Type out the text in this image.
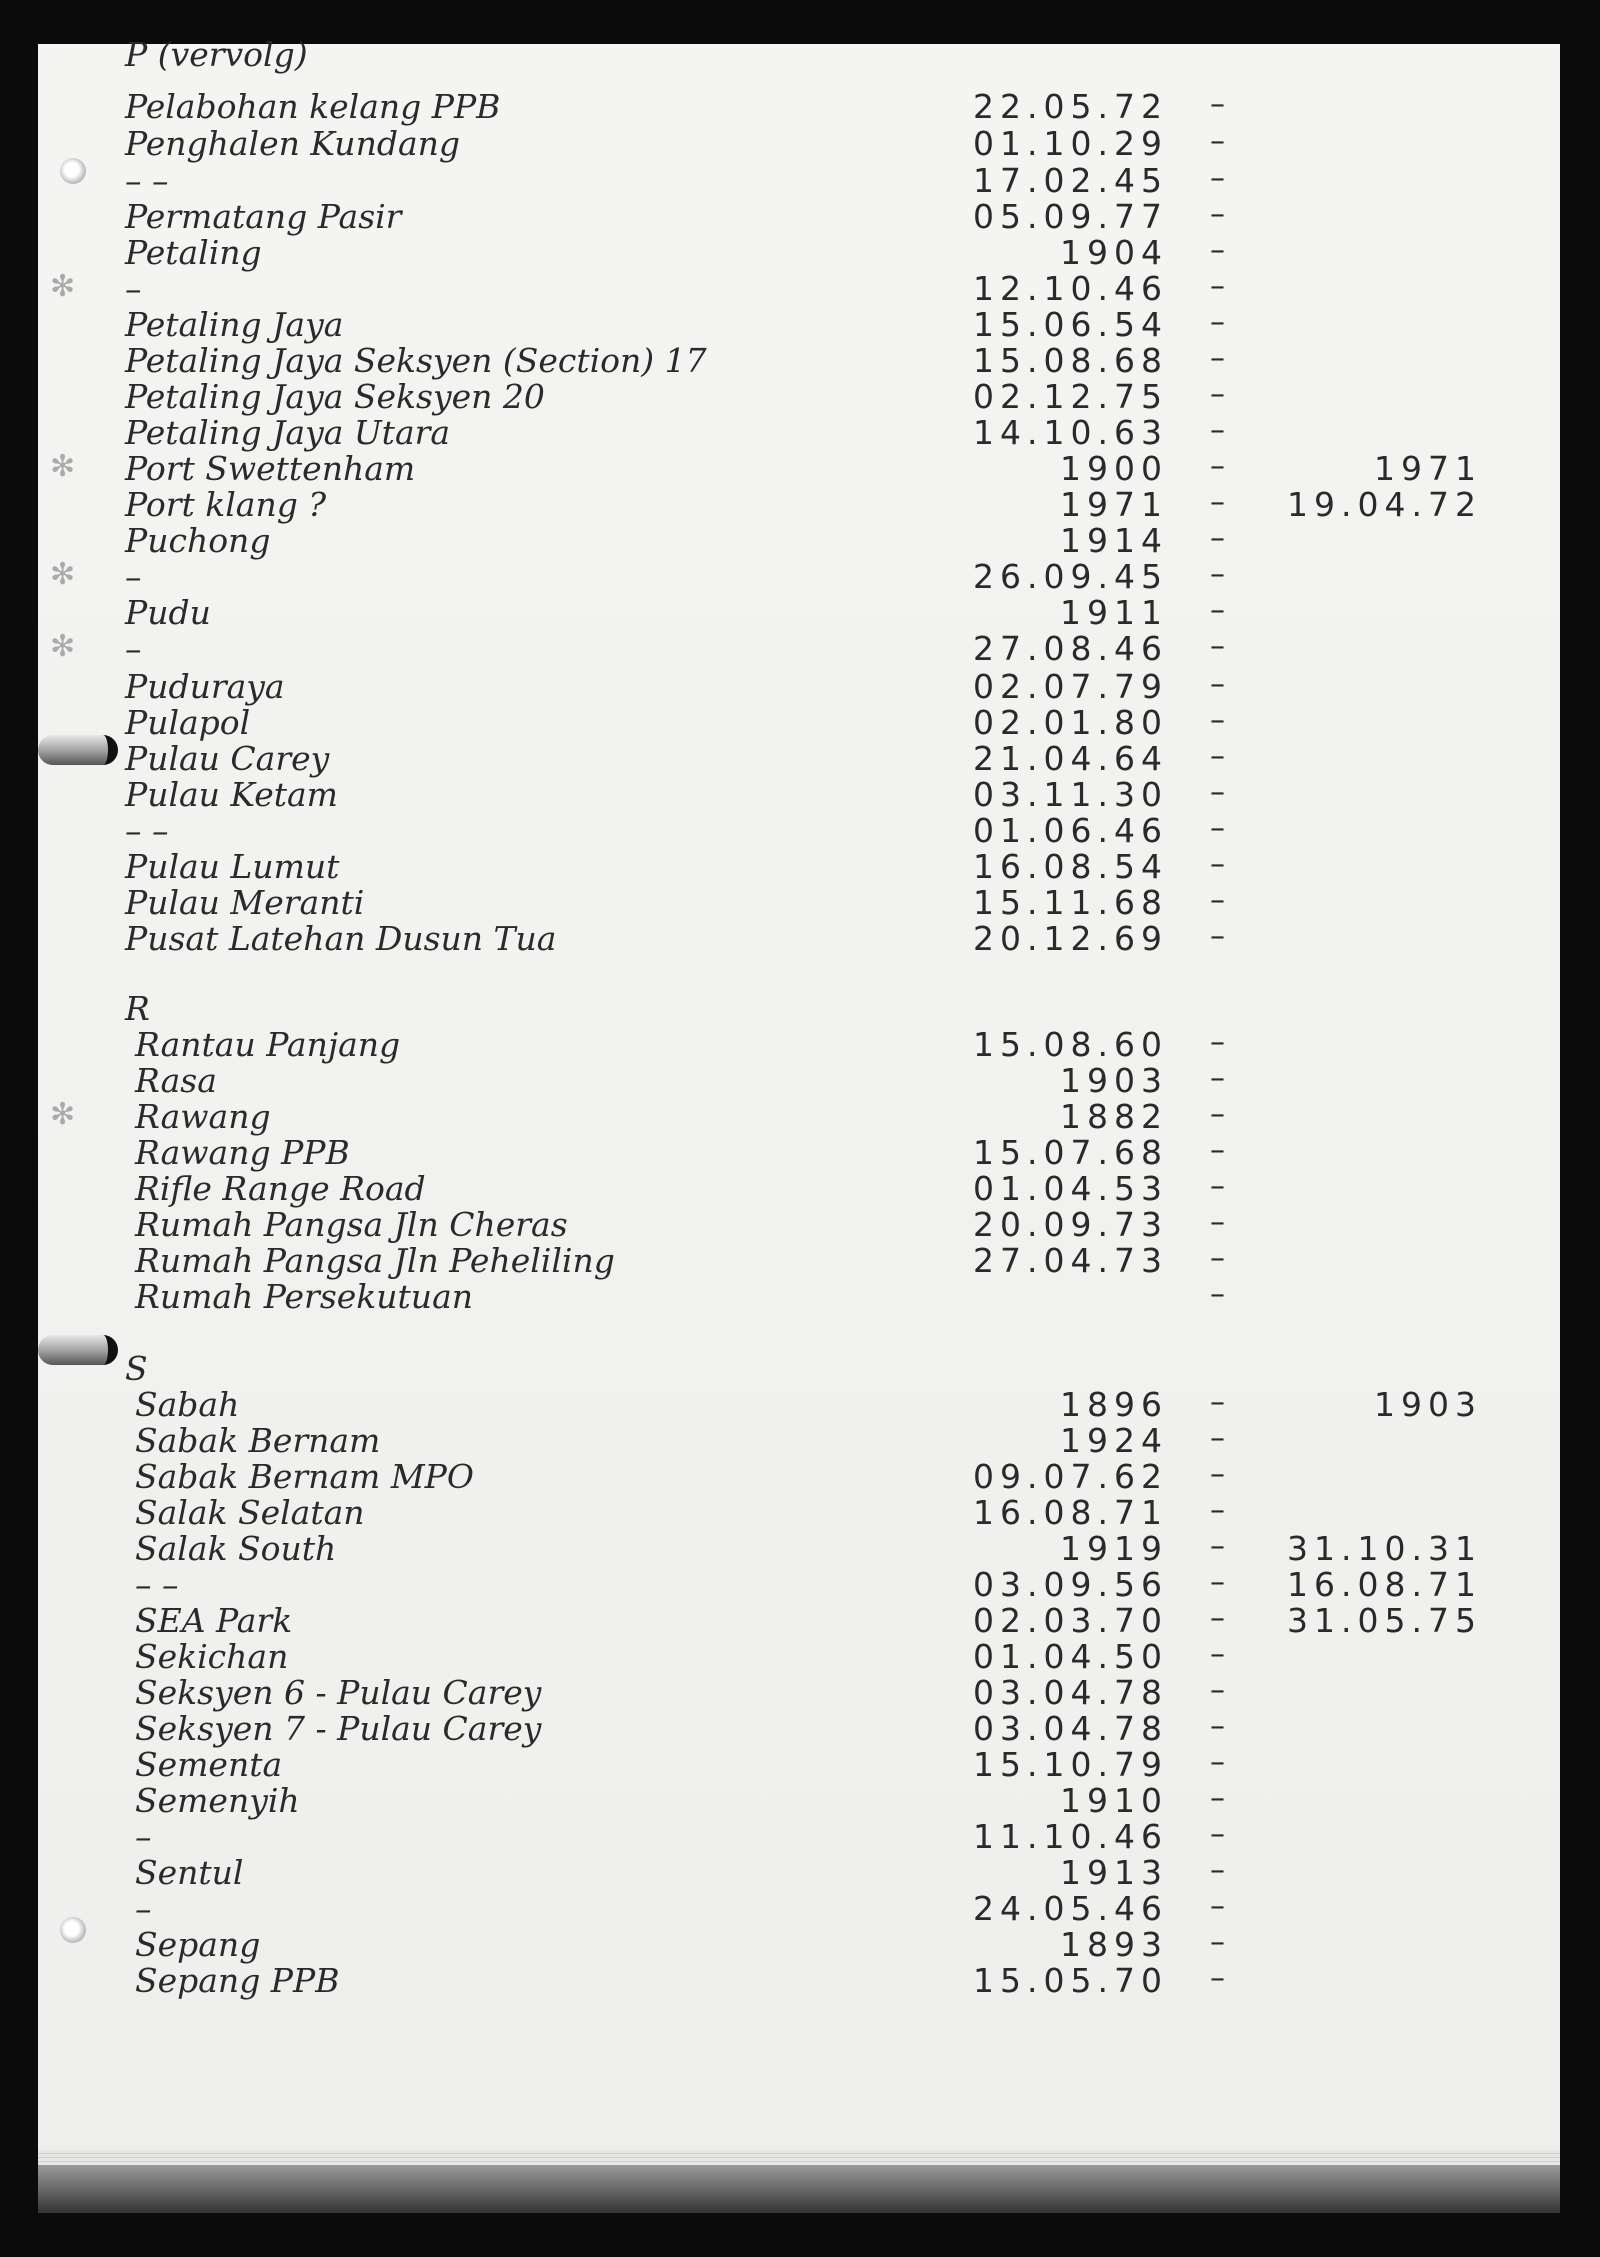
P (vervolg)
Pelabohan kelang PPB	22.05.72 –
Penghalen Kundang	01.10.29 –
– –	17.02.45 –
Permatang Pasir	05.09.77 –
Petaling	1904 –
✻ –	12.10.46 –
Petaling Jaya	15.06.54 –
Petaling Jaya Seksyen (Section) 17	15.08.68 –
Petaling Jaya Seksyen 20	02.12.75 –
Petaling Jaya Utara	14.10.63 –
✻ Port Swettenham	1900 –	1971
Port klang ?	1971 – 19.04.72
Puchong	1914 –
✻ –	26.09.45 –
Pudu	1911 –
✻ –	27.08.46 –
Puduraya	02.07.79 –
Pulapol	02.01.80 –
Pulau Carey	21.04.64 –
Pulau Ketam	03.11.30 –
– –	01.06.46 –
Pulau Lumut	16.08.54 –
Pulau Meranti	15.11.68 –
Pusat Latehan Dusun Tua	20.12.69 –
R
Rantau Panjang	15.08.60 –
Rasa	1903 –
✻ Rawang	1882 –
Rawang PPB	15.07.68 –
Rifle Range Road	01.04.53 –
Rumah Pangsa Jln Cheras	20.09.73 –
Rumah Pangsa Jln Peheliling	27.04.73 –
Rumah Persekutuan	–
S
Sabah	1896 –	1903
Sabak Bernam	1924 –
Sabak Bernam MPO	09.07.62 –
Salak Selatan	16.08.71 –
Salak South	1919 – 31.10.31
– –	03.09.56 – 16.08.71
SEA Park	02.03.70 – 31.05.75
Sekichan	01.04.50 –
Seksyen 6 - Pulau Carey	03.04.78 –
Seksyen 7 - Pulau Carey	03.04.78 –
Sementa	15.10.79 –
Semenyih	1910 –
–	11.10.46 –
Sentul	1913 –
–	24.05.46 –
Sepang	1893 –
Sepang PPB	15.05.70 –
